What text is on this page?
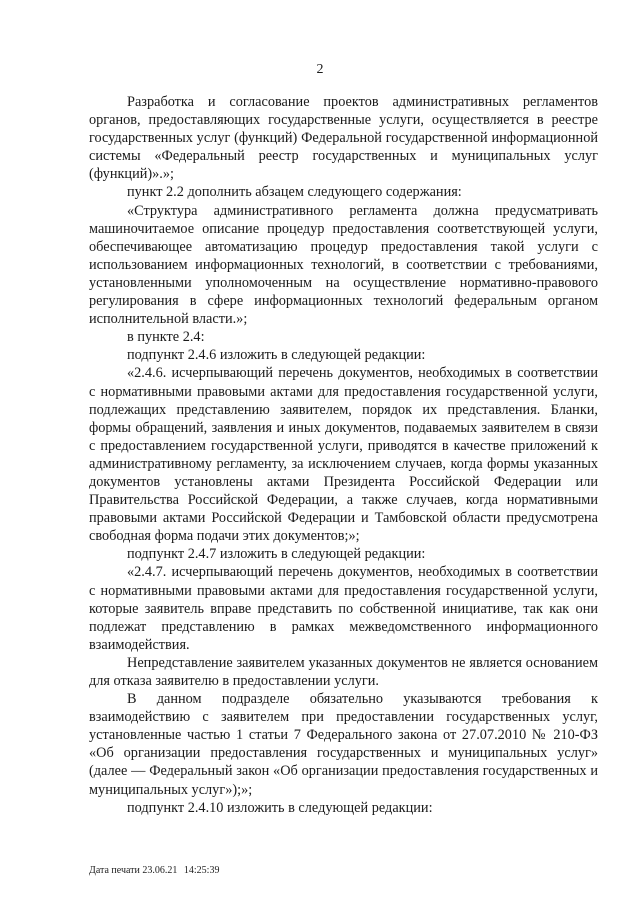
2

Разработка и согласование проектов административных регламентов органов, предоставляющих государственные услуги, осуществляется в реестре государственных услуг (функций) Федеральной государственной информационной системы «Федеральный реестр государственных и муниципальных услуг (функций)».»;

пункт 2.2 дополнить абзацем следующего содержания:

«Структура административного регламента должна предусматривать машиночитаемое описание процедур предоставления соответствующей услуги, обеспечивающее автоматизацию процедур предоставления такой услуги с использованием информационных технологий, в соответствии с требованиями, установленными уполномоченным на осуществление нормативно-правового регулирования в сфере информационных технологий федеральным органом исполнительной власти.»;

в пункте 2.4:

подпункт 2.4.6 изложить в следующей редакции:

«2.4.6. исчерпывающий перечень документов, необходимых в соответствии с нормативными правовыми актами для предоставления государственной услуги, подлежащих представлению заявителем, порядок их представления. Бланки, формы обращений, заявления и иных документов, подаваемых заявителем в связи с предоставлением государственной услуги, приводятся в качестве приложений к административному регламенту, за исключением случаев, когда формы указанных документов установлены актами Президента Российской Федерации или Правительства Российской Федерации, а также случаев, когда нормативными правовыми актами Российской Федерации и Тамбовской области предусмотрена свободная форма подачи этих документов;»;

подпункт 2.4.7 изложить в следующей редакции:

«2.4.7. исчерпывающий перечень документов, необходимых в соответствии с нормативными правовыми актами для предоставления государственной услуги, которые заявитель вправе представить по собственной инициативе, так как они подлежат представлению в рамках межведомственного информационного взаимодействия.

Непредставление заявителем указанных документов не является основанием для отказа заявителю в предоставлении услуги.

В данном подразделе обязательно указываются требования к взаимодействию с заявителем при предоставлении государственных услуг, установленные частью 1 статьи 7 Федерального закона от 27.07.2010 № 210-ФЗ «Об организации предоставления государственных и муниципальных услуг» (далее — Федеральный закон «Об организации предоставления государственных и муниципальных услуг»);»;

подпункт 2.4.10 изложить в следующей редакции:

Дата печати 23.06.21 14:25:39
